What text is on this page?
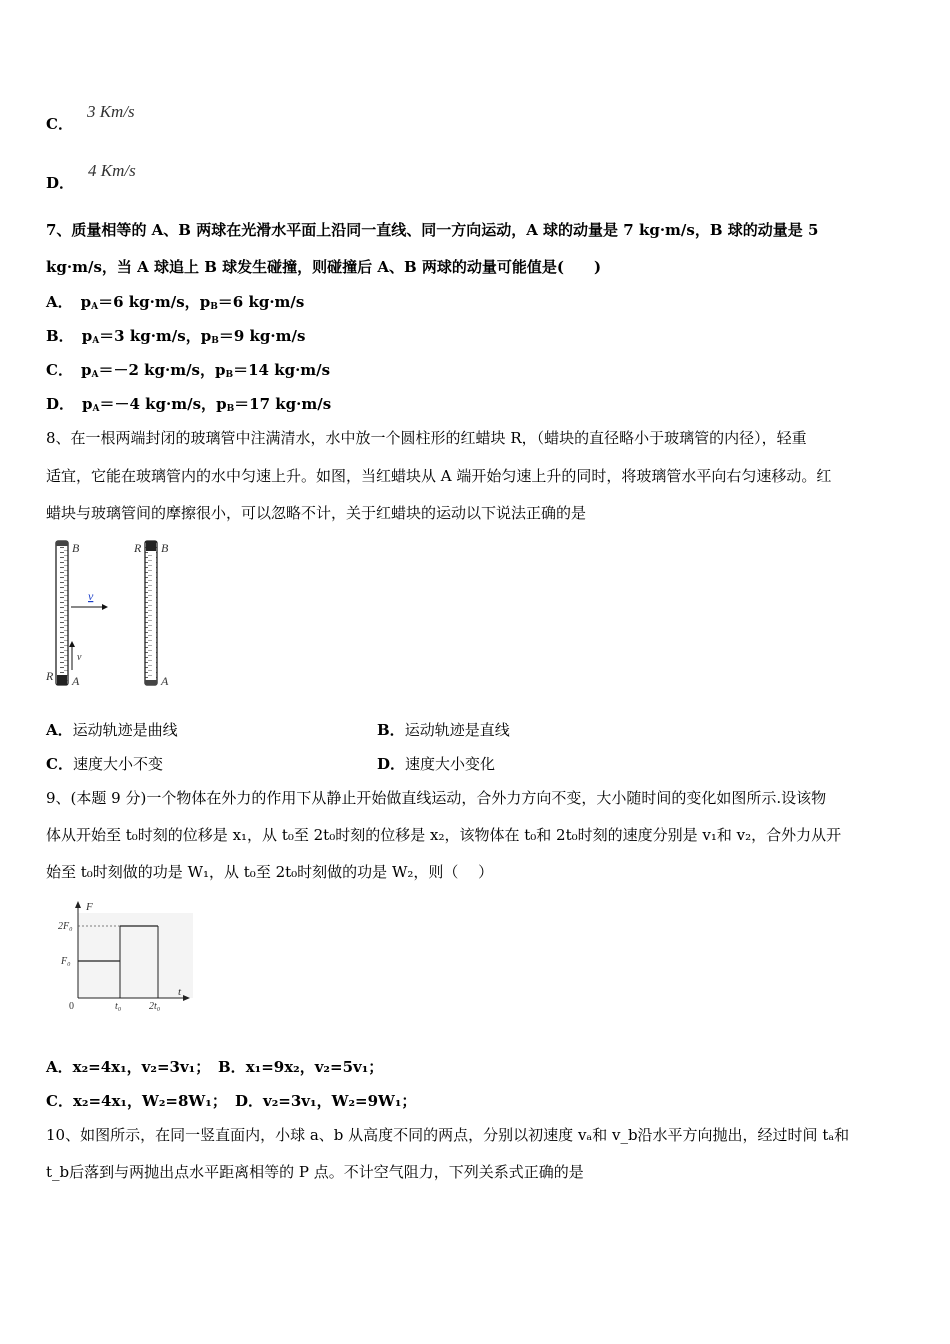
C．3 Km/s
D．4 Km/s
7、质量相等的 A、B 两球在光滑水平面上沿同一直线、同一方向运动，A 球的动量是 7 kg·m/s，B 球的动量是 5
kg·m/s，当 A 球追上 B 球发生碰撞，则碰撞后 A、B 两球的动量可能值是(　　)
A． $p_A=6$ kg·m/s，$p_B=6$ kg·m/s
B． $p_A=3$ kg·m/s，$p_B=9$ kg·m/s
C． $p_A=-2$ kg·m/s，$p_B=14$ kg·m/s
D． $p_A=-4$ kg·m/s，$p_B=17$ kg·m/s
8、在一根两端封闭的玻璃管中注满清水，水中放一个圆柱形的红蜡块 R，（蜡块的直径略小于玻璃管的内径），轻重
适宜，它能在玻璃管内的水中匀速上升。如图，当红蜡块从 A 端开始匀速上升的同时，将玻璃管水平向右匀速移动。红
蜡块与玻璃管间的摩擦很小，可以忽略不计，关于红蜡块的运动以下说法正确的是
B
A
R
v
v
B
R
A
A．运动轨迹是曲线	B．运动轨迹是直线
C．速度大小不变	D．速度大小变化
9、(本题 9 分)一个物体在外力的作用下从静止开始做直线运动，合外力方向不变，大小随时间的变化如图所示.设该物
体从开始至 t₀时刻的位移是 x₁，从 t₀至 2t₀时刻的位移是 x₂，该物体在 t₀和 2t₀时刻的速度分别是 v₁和 v₂，合外力从开
始至 t₀时刻做的功是 W₁，从 t₀至 2t₀时刻做的功是 W₂，则（　 ）
F
t
2F₀
F₀
0	t₀	2t₀
A．x₂=4x₁，v₂=3v₁； B．x₁=9x₂，v₂=5v₁；
C．x₂=4x₁，W₂=8W₁； D．v₂=3v₁，W₂=9W₁；
10、如图所示，在同一竖直面内，小球 a、b 从高度不同的两点，分别以初速度 vₐ和 v_b沿水平方向抛出，经过时间 tₐ和
t_b后落到与两抛出点水平距离相等的 P 点。不计空气阻力，下列关系式正确的是
